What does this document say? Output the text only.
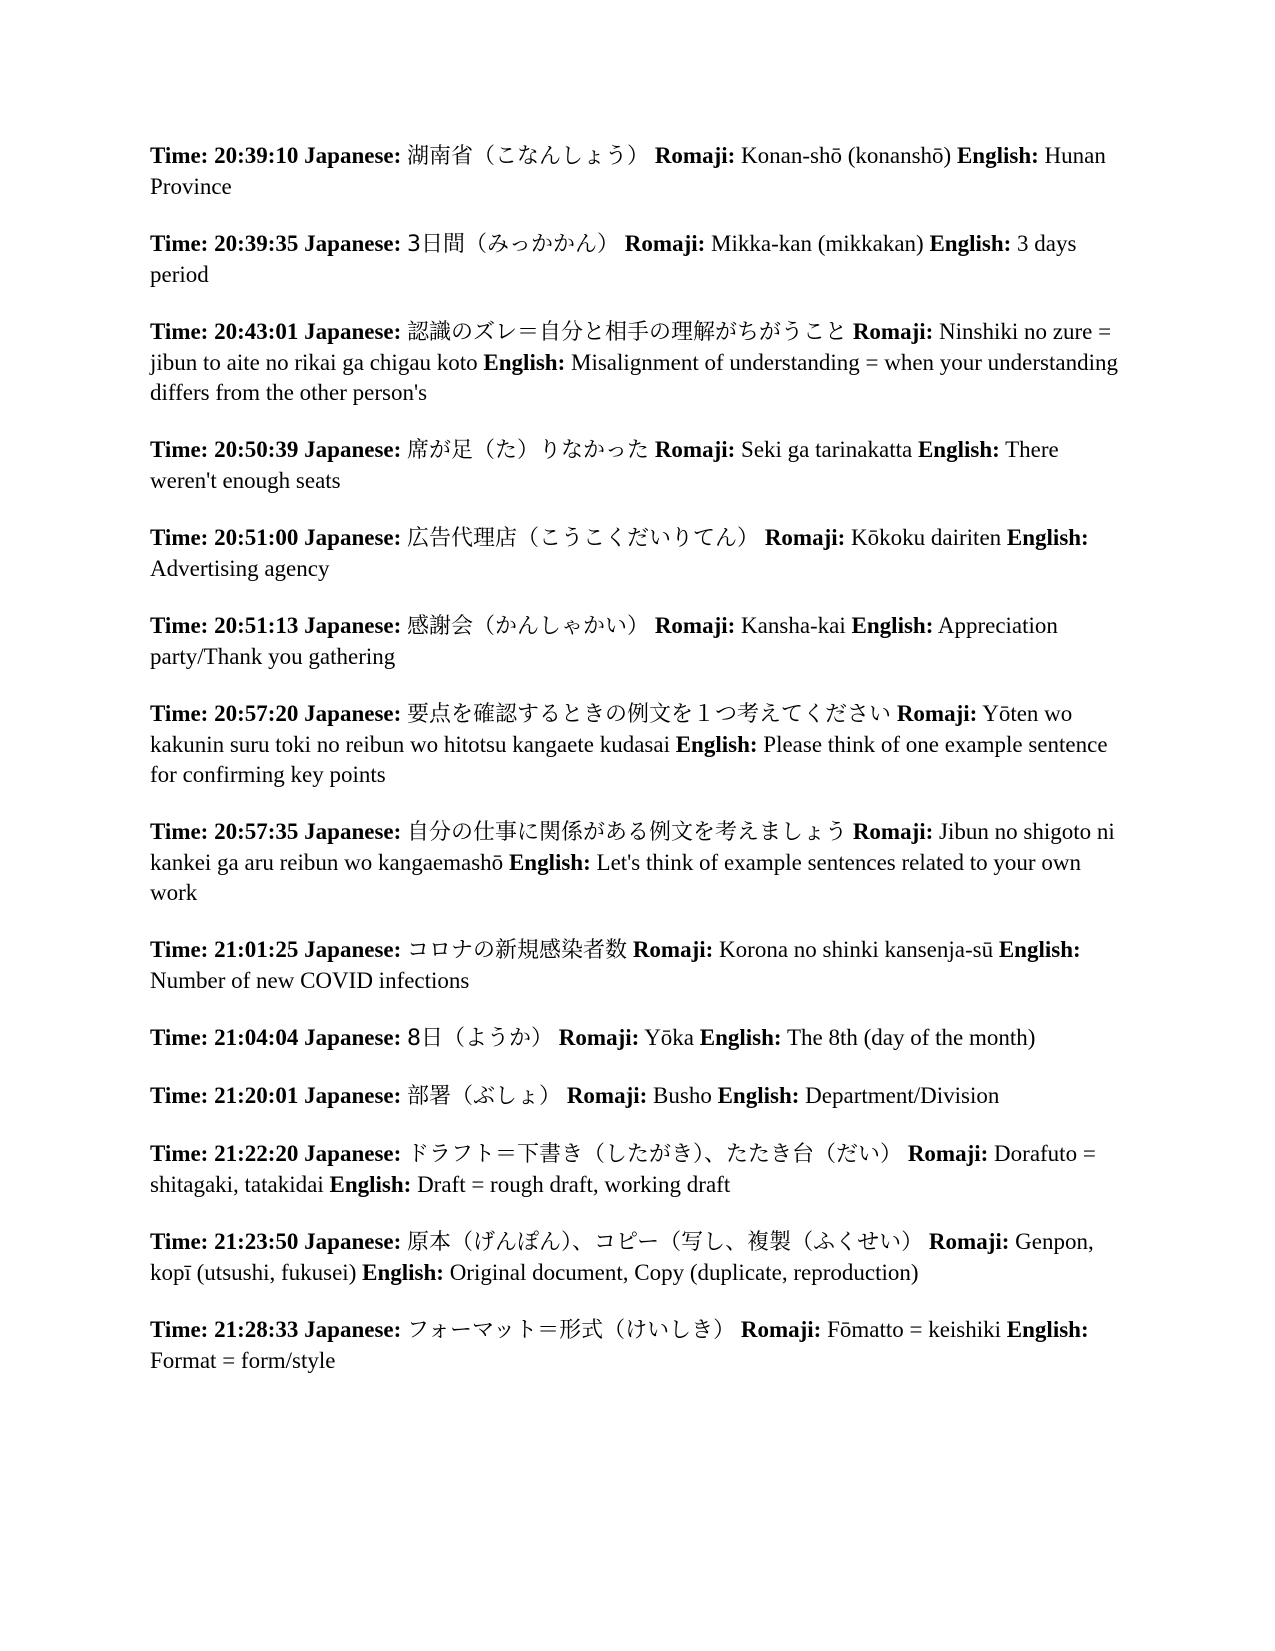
Time: 20:39:10 Japanese: 湖南省（こなんしょう） Romaji: Konan-shō (konanshō) English: Hunan Province

Time: 20:39:35 Japanese: 3日間（みっかかん） Romaji: Mikka-kan (mikkakan) English: 3 days period

Time: 20:43:01 Japanese: 認識のズレ＝自分と相手の理解がちがうこと Romaji: Ninshiki no zure = jibun to aite no rikai ga chigau koto English: Misalignment of understanding = when your understanding differs from the other person's

Time: 20:50:39 Japanese: 席が足（た）りなかった Romaji: Seki ga tarinakatta English: There weren't enough seats

Time: 20:51:00 Japanese: 広告代理店（こうこくだいりてん） Romaji: Kōkoku dairiten English: Advertising agency

Time: 20:51:13 Japanese: 感謝会（かんしゃかい） Romaji: Kansha-kai English: Appreciation party/Thank you gathering

Time: 20:57:20 Japanese: 要点を確認するときの例文を１つ考えてください Romaji: Yōten wo kakunin suru toki no reibun wo hitotsu kangaete kudasai English: Please think of one example sentence for confirming key points

Time: 20:57:35 Japanese: 自分の仕事に関係がある例文を考えましょう Romaji: Jibun no shigoto ni kankei ga aru reibun wo kangaemashō English: Let's think of example sentences related to your own work

Time: 21:01:25 Japanese: コロナの新規感染者数 Romaji: Korona no shinki kansenja-sū English: Number of new COVID infections

Time: 21:04:04 Japanese: 8日（ようか） Romaji: Yōka English: The 8th (day of the month)

Time: 21:20:01 Japanese: 部署（ぶしょ） Romaji: Busho English: Department/Division

Time: 21:22:20 Japanese: ドラフト＝下書き（したがき）、たたき台（だい） Romaji: Dorafuto = shitagaki, tatakidai English: Draft = rough draft, working draft

Time: 21:23:50 Japanese: 原本（げんぽん）、コピー（写し、複製（ふくせい） Romaji: Genpon, kopī (utsushi, fukusei) English: Original document, Copy (duplicate, reproduction)

Time: 21:28:33 Japanese: フォーマット＝形式（けいしき） Romaji: Fōmatto = keishiki English: Format = form/style
